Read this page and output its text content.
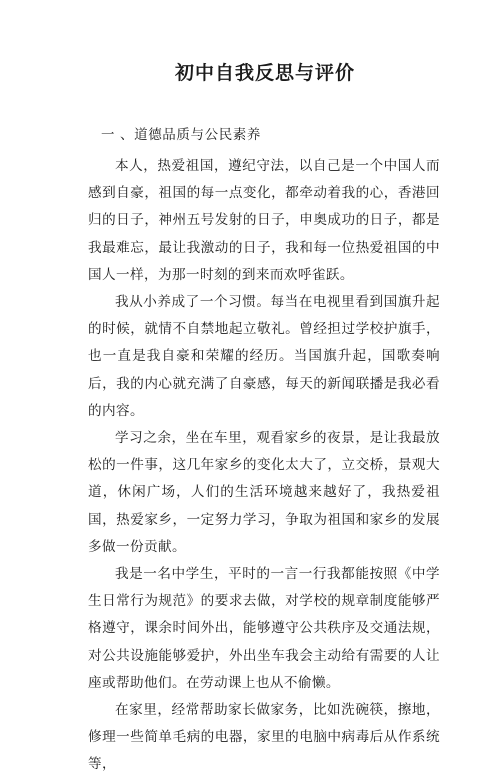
初中自我反思与评价
一 、道德品质与公民素养

本人，热爱祖国，遵纪守法，以自己是一个中国人而感到自豪，祖国的每一点变化，都牵动着我的心，香港回归的日子，神州五号发射的日子，申奥成功的日子，都是我最难忘，最让我激动的日子，我和每一位热爱祖国的中国人一样，为那一时刻的到来而欢呼雀跃。

我从小养成了一个习惯。每当在电视里看到国旗升起的时候，就情不自禁地起立敬礼。曾经担过学校护旗手，也一直是我自豪和荣耀的经历。当国旗升起，国歌奏响后，我的内心就充满了自豪感，每天的新闻联播是我必看的内容。

学习之余，坐在车里，观看家乡的夜景，是让我最放松的一件事，这几年家乡的变化太大了，立交桥，景观大道，休闲广场，人们的生活环境越来越好了，我热爱祖国，热爱家乡，一定努力学习，争取为祖国和家乡的发展多做一份贡献。

我是一名中学生，平时的一言一行我都能按照《中学生日常行为规范》的要求去做，对学校的规章制度能够严格遵守，课余时间外出，能够遵守公共秩序及交通法规，对公共设施能够爱护，外出坐车我会主动给有需要的人让座或帮助他们。在劳动课上也从不偷懒。

在家里，经常帮助家长做家务，比如洗碗筷，擦地，修理一些简单毛病的电器，家里的电脑中病毒后从作系统等，
